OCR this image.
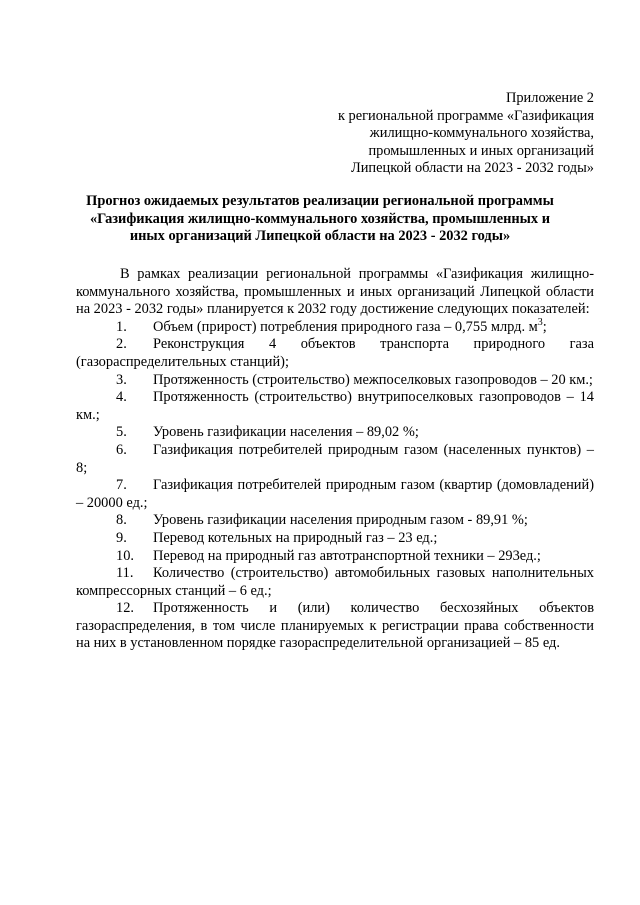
Приложение 2
к региональной программе «Газификация
жилищно-коммунального хозяйства,
промышленных и иных организаций
Липецкой области на 2023 - 2032 годы»
Прогноз ожидаемых результатов реализации региональной программы
«Газификация жилищно-коммунального хозяйства, промышленных и
иных организаций Липецкой области на 2023 - 2032 годы»

В рамках реализации региональной программы «Газификация жилищно-коммунального хозяйства, промышленных и иных организаций Липецкой области на 2023 - 2032 годы» планируется к 2032 году достижение следующих показателей:

1. Объем (прирост) потребления природного газа – 0,755 млрд. $м^3$;

2. Реконструкция 4 объектов транспорта природного газа (газораспределительных станций);

3. Протяженность (строительство) межпоселковых газопроводов – 20 км.;

4. Протяженность (строительство) внутрипоселковых газопроводов – 14 км.;

5. Уровень газификации населения – 89,02 %;

6. Газификация потребителей природным газом (населенных пунктов) – 8;

7. Газификация потребителей природным газом (квартир (домовладений) – 20000 ед.;

8. Уровень газификации населения природным газом - 89,91 %;

9. Перевод котельных на природный газ – 23 ед.;

10. Перевод на природный газ автотранспортной техники – 293ед.;

11. Количество (строительство) автомобильных газовых наполнительных компрессорных станций – 6 ед.;

12. Протяженность и (или) количество бесхозяйных объектов газораспределения, в том числе планируемых к регистрации права собственности на них в установленном порядке газораспределительной организацией – 85 ед.
